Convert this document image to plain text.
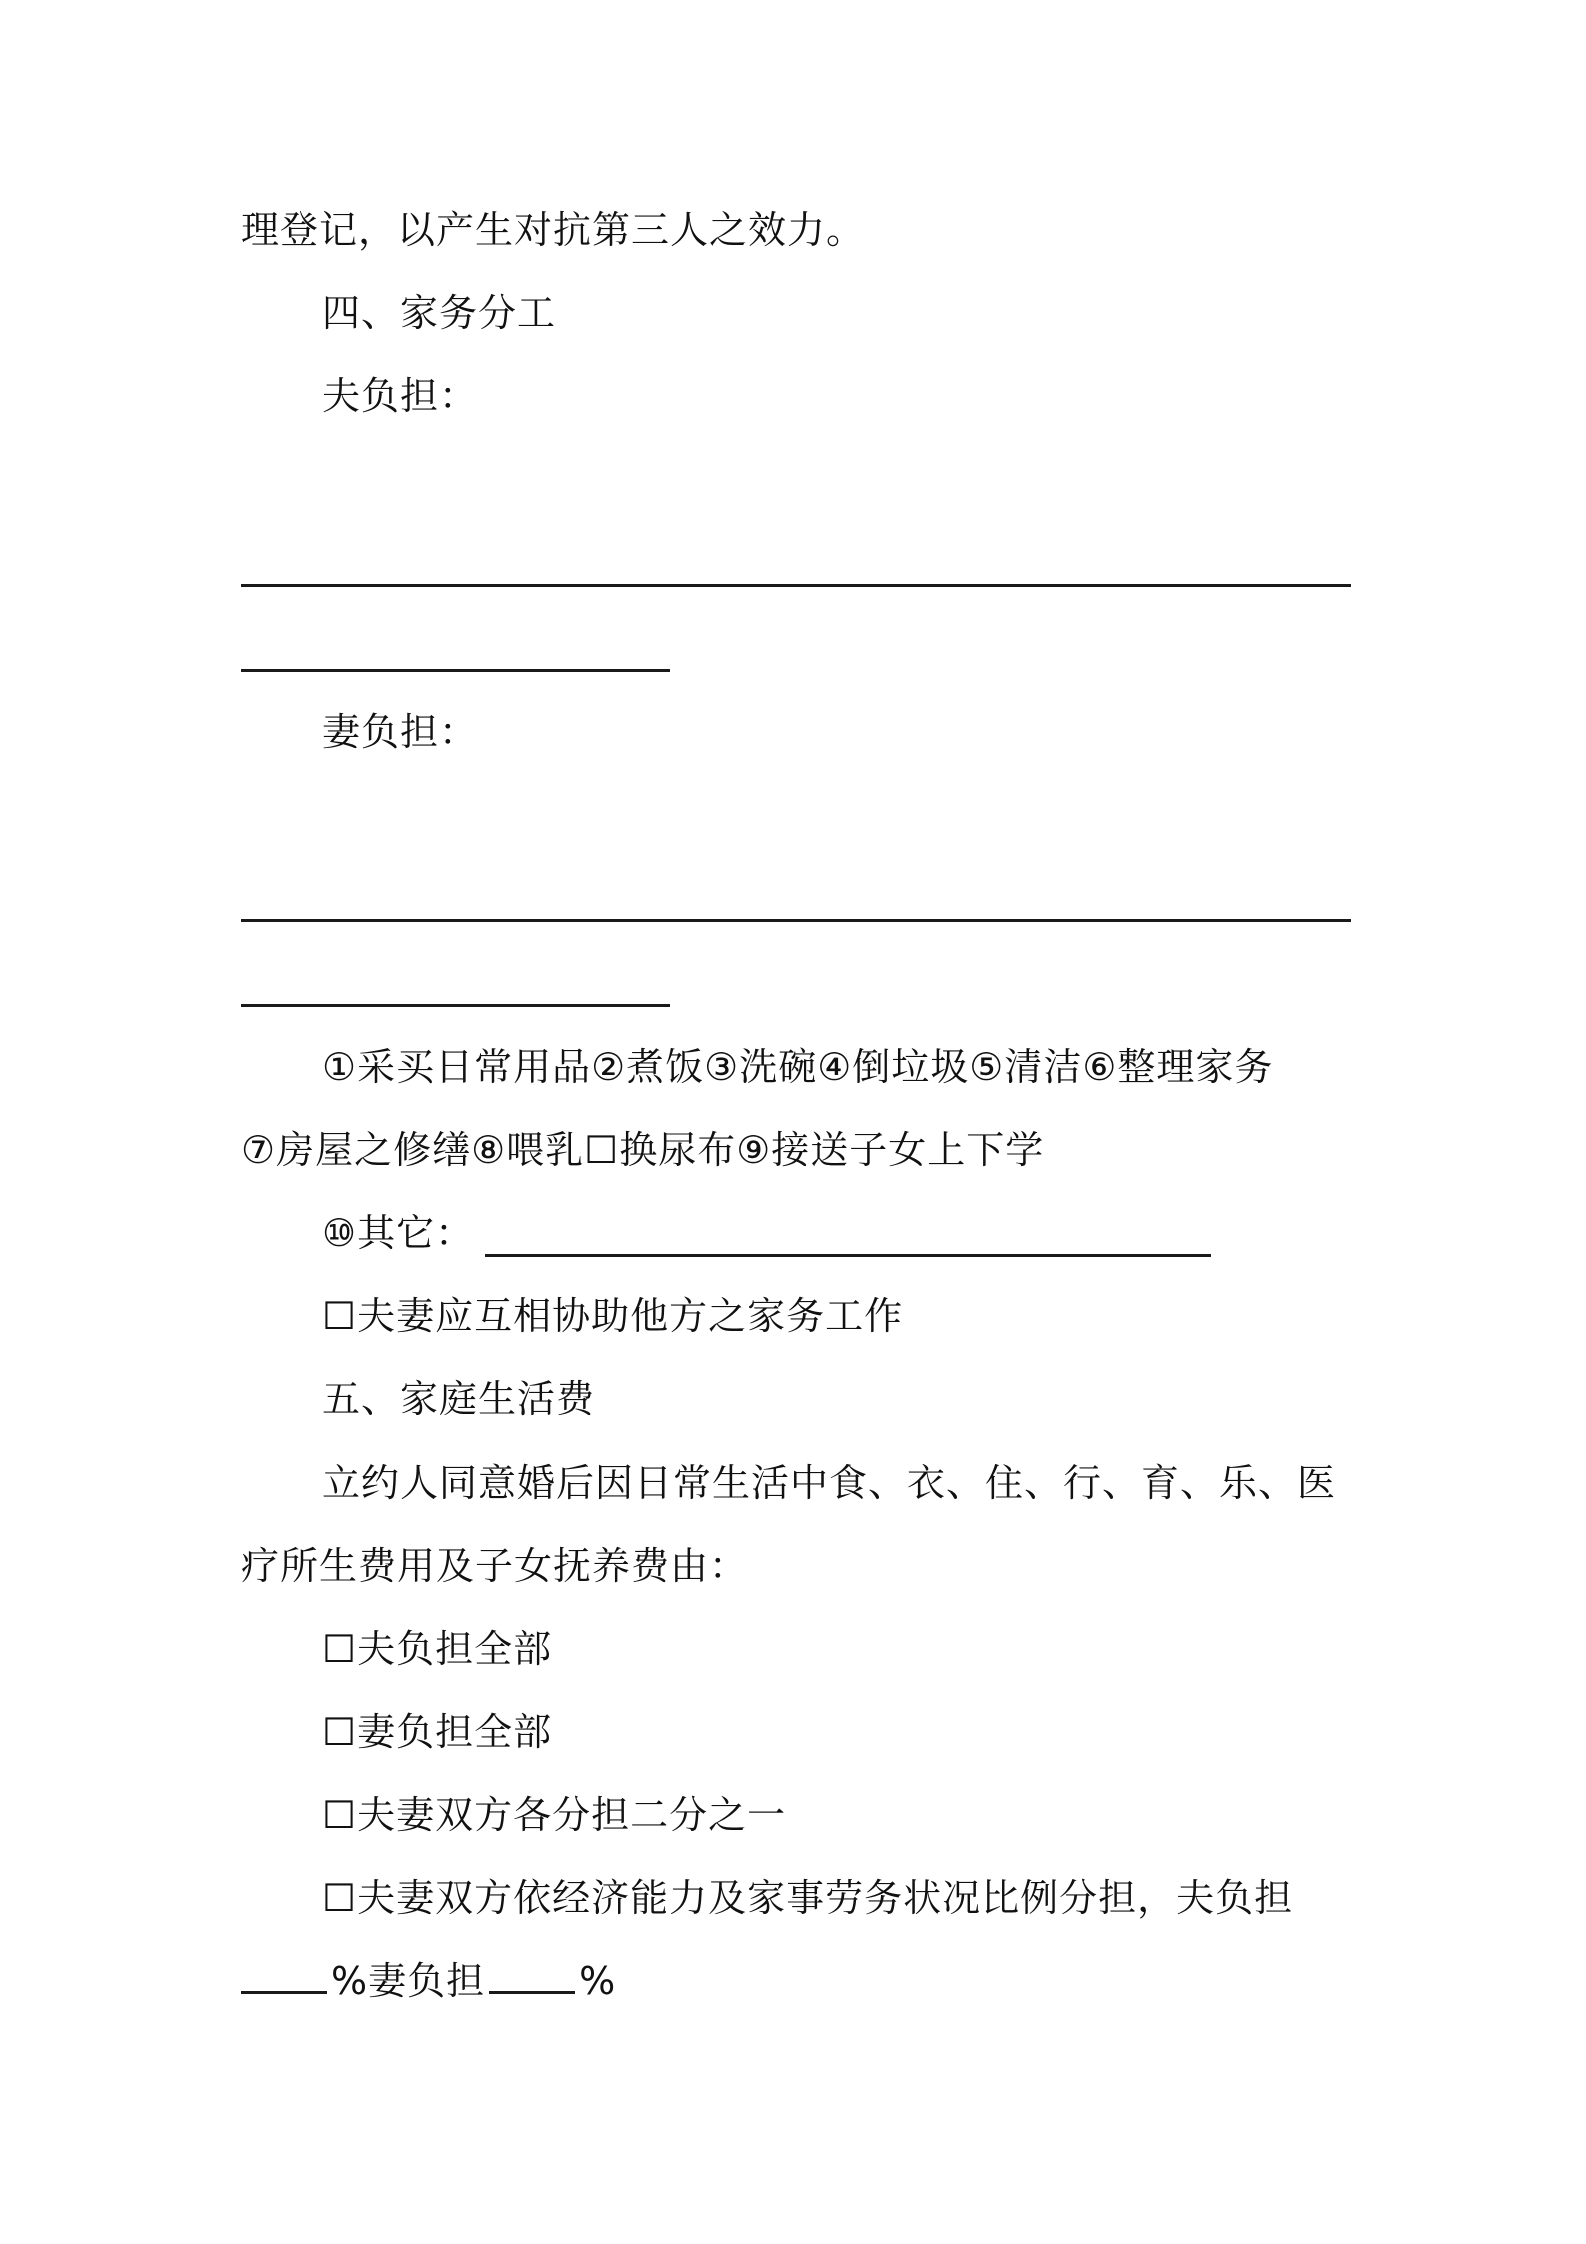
理登记，以产生对抗第三人之效力。
四、家务分工
夫负担：
妻负担：
①采买日常用品②煮饭③洗碗④倒垃圾⑤清洁⑥整理家务
⑦房屋之修缮⑧喂乳☐换尿布⑨接送子女上下学
⑩其它：
☐夫妻应互相协助他方之家务工作
五、家庭生活费
立约人同意婚后因日常生活中食、衣、住、行、育、乐、医
疗所生费用及子女抚养费由：
☐夫负担全部
☐妻负担全部
☐夫妻双方各分担二分之一
☐夫妻双方依经济能力及家事劳务状况比例分担，夫负担
%妻负担 %
